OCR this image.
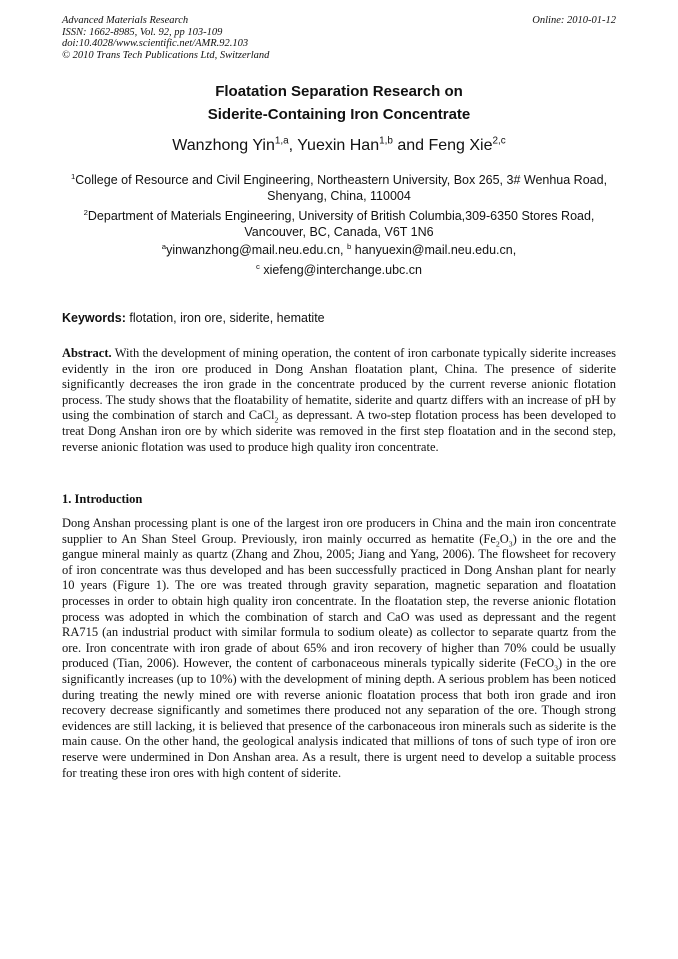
Advanced Materials Research
ISSN: 1662-8985, Vol. 92, pp 103-109
doi:10.4028/www.scientific.net/AMR.92.103
© 2010 Trans Tech Publications Ltd, Switzerland
Online: 2010-01-12
Floatation Separation Research on
Siderite-Containing Iron Concentrate
Wanzhong Yin$^{1,a}$, Yuexin Han$^{1,b}$ and Feng Xie$^{2,c}$
$^1$College of Resource and Civil Engineering, Northeastern University, Box 265, 3# Wenhua Road,
Shenyang, China, 110004
$^2$Department of Materials Engineering, University of British Columbia,309-6350 Stores Road,
Vancouver, BC, Canada, V6T 1N6
$^a$yinwanzhong@mail.neu.edu.cn, $^b$ hanyuexin@mail.neu.edu.cn,
$^c$ xiefeng@interchange.ubc.cn
Keywords: flotation, iron ore, siderite, hematite
Abstract. With the development of mining operation, the content of iron carbonate typically siderite increases evidently in the iron ore produced in Dong Anshan floatation plant, China. The presence of siderite significantly decreases the iron grade in the concentrate produced by the current reverse anionic flotation process. The study shows that the floatability of hematite, siderite and quartz differs with an increase of pH by using the combination of starch and CaCl$_2$ as depressant. A two-step flotation process has been developed to treat Dong Anshan iron ore by which siderite was removed in the first step floatation and in the second step, reverse anionic flotation was used to produce high quality iron concentrate.
1. Introduction
Dong Anshan processing plant is one of the largest iron ore producers in China and the main iron concentrate supplier to An Shan Steel Group. Previously, iron mainly occurred as hematite $(Fe_2O_3)$ in the ore and the gangue mineral mainly as quartz (Zhang and Zhou, 2005; Jiang and Yang, 2006). The flowsheet for recovery of iron concentrate was thus developed and has been successfully practiced in Dong Anshan plant for nearly 10 years (Figure 1). The ore was treated through gravity separation, magnetic separation and floatation processes in order to obtain high quality iron concentrate. In the floatation step, the reverse anionic flotation process was adopted in which the combination of starch and CaO was used as depressant and the regent RA715 (an industrial product with similar formula to sodium oleate) as collector to separate quartz from the ore. Iron concentrate with iron grade of about 65% and iron recovery of higher than 70% could be usually produced (Tian, 2006). However, the content of carbonaceous minerals typically siderite (FeCO$_3$) in the ore significantly increases (up to 10%) with the development of mining depth. A serious problem has been noticed during treating the newly mined ore with reverse anionic floatation process that both iron grade and iron recovery decrease significantly and sometimes there produced not any separation of the ore. Though strong evidences are still lacking, it is believed that presence of the carbonaceous iron minerals such as siderite is the main cause. On the other hand, the geological analysis indicated that millions of tons of such type of iron ore reserve were undermined in Don Anshan area. As a result, there is urgent need to develop a suitable process for treating these iron ores with high content of siderite.
